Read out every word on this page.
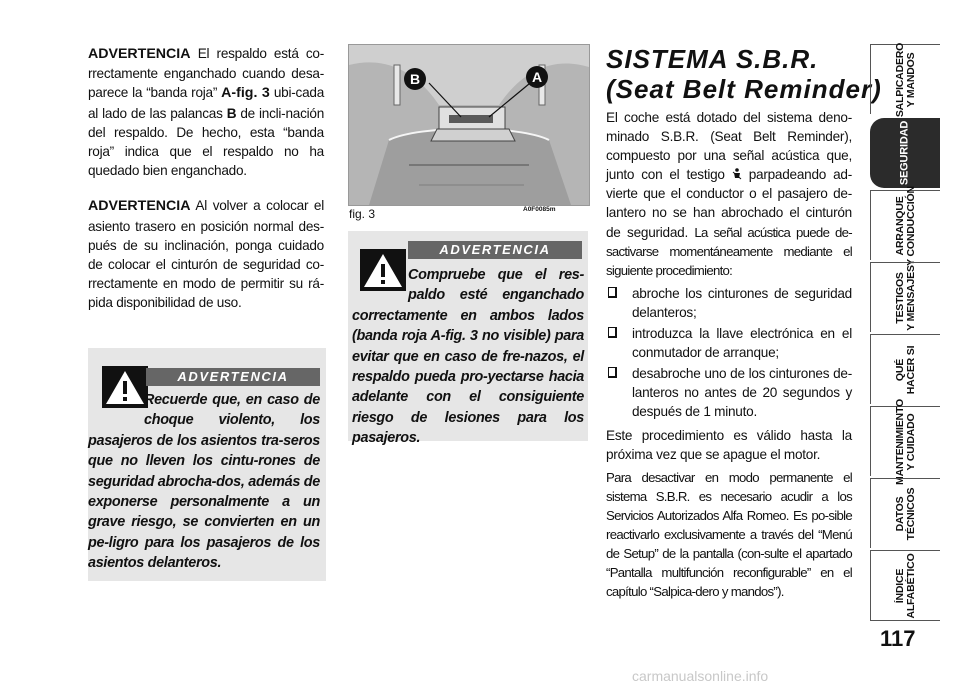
ADVERTENCIA El respaldo está co-rrectamente enganchado cuando desa-parece la “banda roja” A-fig. 3 ubi-cada al lado de las palancas B de incli-nación del respaldo. De hecho, esta “banda roja” indica que el respaldo no ha quedado bien enganchado.

ADVERTENCIA Al volver a colocar el asiento trasero en posición normal des-pués de su inclinación, ponga cuidado de colocar el cinturón de seguridad co-rrectamente en modo de permitir su rá-pida disponibilidad de uso.

ADVERTENCIA
Recuerde que, en caso de choque violento, los pasajeros de los asientos tra-seros que no lleven los cintu-rones de seguridad abrocha-dos, además de exponerse personalmente a un grave riesgo, se convierten en un pe-ligro para los pasajeros de los asientos delanteros.
B	A
fig. 3	A0F0085m
ADVERTENCIA
Compruebe que el res-paldo esté enganchado correctamente en ambos lados (banda roja A-fig. 3 no visible) para evitar que en caso de fre-nazos, el respaldo pueda pro-yectarse hacia adelante con el consiguiente riesgo de lesiones para los pasajeros.
SISTEMA S.B.R.
(Seat Belt Reminder)

El coche está dotado del sistema deno-minado S.B.R. (Seat Belt Reminder), compuesto por una señal acústica que, junto con el testigo  parpadeando ad-vierte que el conductor o el pasajero de-lantero no se han abrochado el cinturón de seguridad. La señal acústica puede de-sactivarse momentáneamente mediante el siguiente procedimiento:

abroche los cinturones de seguridad delanteros;
introduzca la llave electrónica en el conmutador de arranque;
desabroche uno de los cinturones de-lanteros no antes de 20 segundos y después de 1 minuto.

Este procedimiento es válido hasta la próxima vez que se apague el motor.

Para desactivar en modo permanente el sistema S.B.R. es necesario acudir a los Servicios Autorizados Alfa Romeo. Es po-sible reactivarlo exclusivamente a través del “Menú de Setup” de la pantalla (con-sulte el apartado “Pantalla multifunción reconfigurable” en el capítulo “Salpica-dero y mandos”).

SALPICADERO Y MANDOS
SEGURIDAD
ARRANQUE Y CONDUCCIÓN
TESTIGOS Y MENSAJES
QUÉ HACER SI
MANTENIMIENTO Y CUIDADO
DATOS TÉCNICOS
ÍNDICE ALFABÉTICO
117
carmanualsonline.info
